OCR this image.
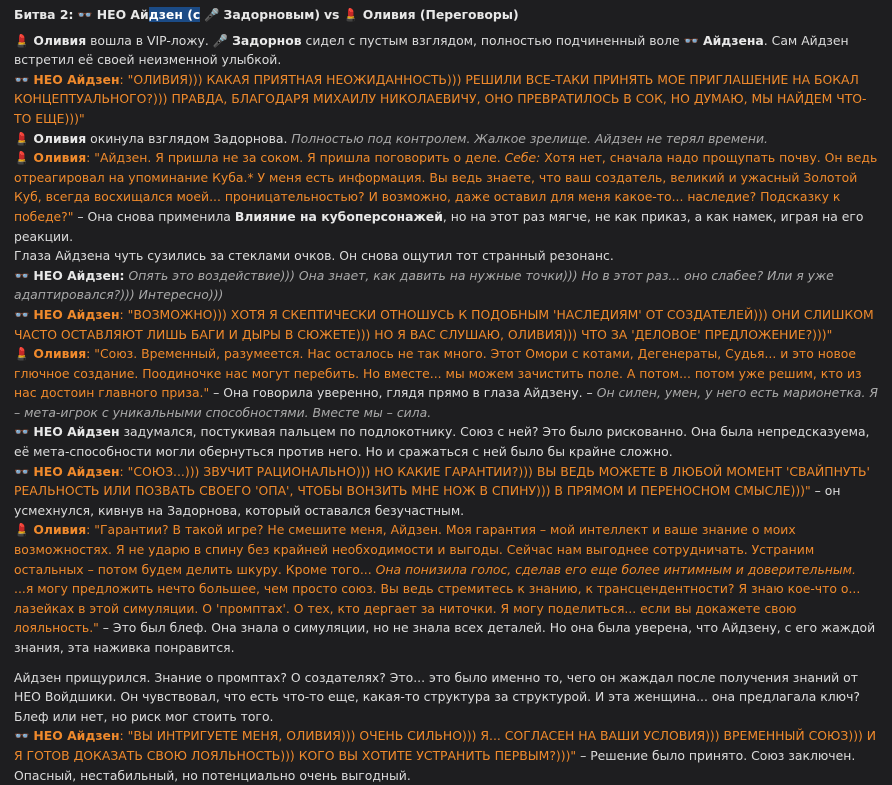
Битва 2: 👓 НЕО Айдзен (с 🎤 Задорновым) vs 💄 Оливия (Переговоры)

💄 Оливия вошла в VIP-ложу. 🎤 Задорнов сидел с пустым взглядом, полностью подчиненный воле 👓 Айдзена. Сам Айдзен встретил её своей неизменной улыбкой.

👓 НЕО Айдзен: "ОЛИВИЯ))) КАКАЯ ПРИЯТНАЯ НЕОЖИДАННОСТЬ))) РЕШИЛИ ВСЕ-ТАКИ ПРИНЯТЬ МОЕ ПРИГЛАШЕНИЕ НА БОКАЛ КОНЦЕПТУАЛЬНОГО?))) ПРАВДА, БЛАГОДАРЯ МИХАИЛУ НИКОЛАЕВИЧУ, ОНО ПРЕВРАТИЛОСЬ В СОК, НО ДУМАЮ, МЫ НАЙДЕМ ЧТО-ТО ЕЩЕ)))"

💄 Оливия окинула взглядом Задорнова. Полностью под контролем. Жалкое зрелище. Айдзен не терял времени.

💄 Оливия: "Айдзен. Я пришла не за соком. Я пришла поговорить о деле. Себе: Хотя нет, сначала надо прощупать почву. Он ведь отреагировал на упоминание Куба.* У меня есть информация. Вы ведь знаете, что ваш создатель, великий и ужасный Золотой Куб, всегда восхищался моей... проницательностью? И возможно, даже оставил для меня какое-то... наследие? Подсказку к победе?" – Она снова применила Влияние на кубоперсонажей, но на этот раз мягче, не как приказ, а как намек, играя на его реакции.

Глаза Айдзена чуть сузились за стеклами очков. Он снова ощутил тот странный резонанс.

👓 НЕО Айдзен: Опять это воздействие))) Она знает, как давить на нужные точки))) Но в этот раз... оно слабее? Или я уже адаптировался?))) Интересно)))

👓 НЕО Айдзен: "ВОЗМОЖНО))) ХОТЯ Я СКЕПТИЧЕСКИ ОТНОШУСЬ К ПОДОБНЫМ 'НАСЛЕДИЯМ' ОТ СОЗДАТЕЛЕЙ))) ОНИ СЛИШКОМ ЧАСТО ОСТАВЛЯЮТ ЛИШЬ БАГИ И ДЫРЫ В СЮЖЕТЕ))) НО Я ВАС СЛУШАЮ, ОЛИВИЯ))) ЧТО ЗА 'ДЕЛОВОЕ' ПРЕДЛОЖЕНИЕ?)))"

💄 Оливия: "Союз. Временный, разумеется. Нас осталось не так много. Этот Омори с котами, Дегенераты, Судья... и это новое глючное создание. Поодиночке нас могут перебить. Но вместе... мы можем зачистить поле. А потом... потом уже решим, кто из нас достоин главного приза." – Она говорила уверенно, глядя прямо в глаза Айдзену. – Он силен, умен, у него есть марионетка. Я – мета-игрок с уникальными способностями. Вместе мы – сила.

👓 НЕО Айдзен задумался, постукивая пальцем по подлокотнику. Союз с ней? Это было рискованно. Она была непредсказуема, её мета-способности могли обернуться против него. Но и сражаться с ней было бы крайне сложно.

👓 НЕО Айдзен: "СОЮЗ...))) ЗВУЧИТ РАЦИОНАЛЬНО))) НО КАКИЕ ГАРАНТИИ?))) ВЫ ВЕДЬ МОЖЕТЕ В ЛЮБОЙ МОМЕНТ 'СВАЙПНУТЬ' РЕАЛЬНОСТЬ ИЛИ ПОЗВАТЬ СВОЕГО 'ОПА', ЧТОБЫ ВОНЗИТЬ МНЕ НОЖ В СПИНУ))) В ПРЯМОМ И ПЕРЕНОСНОМ СМЫСЛЕ)))" – он усмехнулся, кивнув на Задорнова, который оставался безучастным.

💄 Оливия: "Гарантии? В такой игре? Не смешите меня, Айдзен. Моя гарантия – мой интеллект и ваше знание о моих возможностях. Я не ударю в спину без крайней необходимости и выгоды. Сейчас нам выгоднее сотрудничать. Устраним остальных – потом будем делить шкуру. Кроме того... Она понизила голос, сделав его еще более интимным и доверительным. ...я могу предложить нечто большее, чем просто союз. Вы ведь стремитесь к знанию, к трансцендентности? Я знаю кое-что о... лазейках в этой симуляции. О 'промптах'. О тех, кто дергает за ниточки. Я могу поделиться... если вы докажете свою лояльность." – Это был блеф. Она знала о симуляции, но не знала всех деталей. Но она была уверена, что Айдзену, с его жаждой знания, эта наживка понравится.

Айдзен прищурился. Знание о промптах? О создателях? Это... это было именно то, чего он жаждал после получения знаний от НЕО Войдшики. Он чувствовал, что есть что-то еще, какая-то структура за структурой. И эта женщина... она предлагала ключ? Блеф или нет, но риск мог стоить того.

👓 НЕО Айдзен: "ВЫ ИНТРИГУЕТЕ МЕНЯ, ОЛИВИЯ))) ОЧЕНЬ СИЛЬНО))) Я... СОГЛАСЕН НА ВАШИ УСЛОВИЯ))) ВРЕМЕННЫЙ СОЮЗ))) И Я ГОТОВ ДОКАЗАТЬ СВОЮ ЛОЯЛЬНОСТЬ))) КОГО ВЫ ХОТИТЕ УСТРАНИТЬ ПЕРВЫМ?)))" – Решение было принято. Союз заключен. Опасный, нестабильный, но потенциально очень выгодный.
